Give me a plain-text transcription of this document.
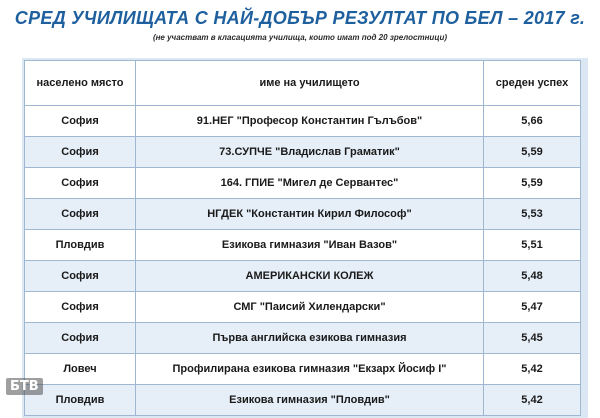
СРЕД УЧИЛИЩАТА С НАЙ-ДОБЪР РЕЗУЛТАТ ПО БЕЛ – 2017 г.
(не участват в класацията училища, които имат под 20 зрелостници)
населено място	име на училището	среден успех
София	91.НЕГ "Професор Константин Гълъбов"	5,66
София	73.СУПЧЕ "Владислав Граматик"	5,59
София	164. ГПИЕ "Мигел де Сервантес"	5,59
София	НГДЕК "Константин Кирил Философ"	5,53
Пловдив	Езикова гимназия "Иван Вазов"	5,51
София	АМЕРИКАНСКИ КОЛЕЖ	5,48
София	СМГ "Паисий Хилендарски"	5,47
София	Първа английска езикова гимназия	5,45
Ловеч	Профилирана езикова гимназия "Екзарх Йосиф I"	5,42
Пловдив	Езикова гимназия "Пловдив"	5,42
БТВ
